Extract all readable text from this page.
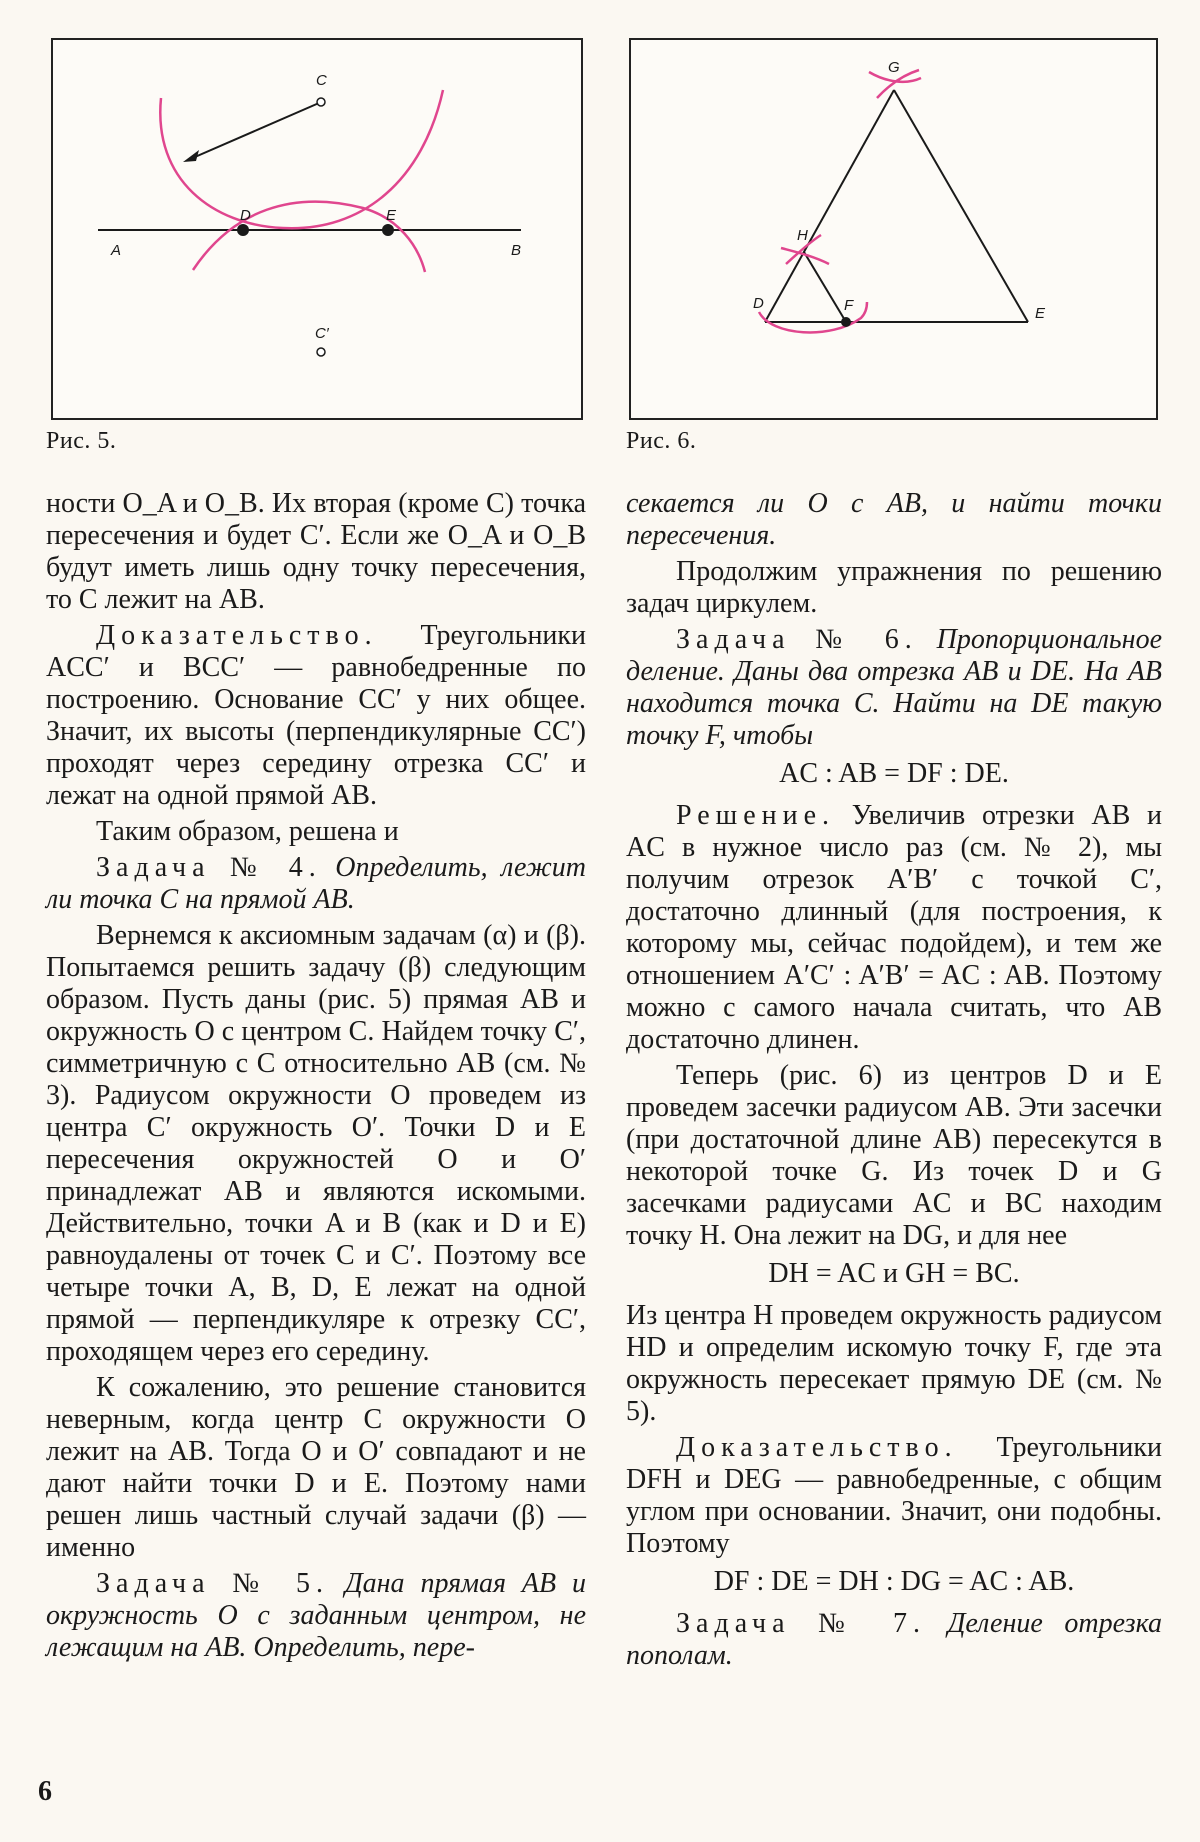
C
C′
D	E
A	B
Рис. 5.
G
H
D	F	E
Рис. 6.

ности O_A и O_B. Их вторая (кроме C) точка пересечения и будет C′. Если же O_A и O_B будут иметь лишь одну точку пересечения, то C лежит на AB.

Доказательство. Треугольники ACC′ и BCC′ — равнобедренные по построению. Основание CC′ у них общее. Значит, их высоты (перпендикулярные CC′) проходят через середину отрезка CC′ и лежат на одной прямой AB.

Таким образом, решена и

Задача № 4. Определить, лежит ли точка C на прямой AB.

Вернемся к аксиомным задачам (α) и (β). Попытаемся решить задачу (β) следующим образом. Пусть даны (рис. 5) прямая AB и окружность O с центром C. Найдем точку C′, симметричную с C относительно AB (см. № 3). Радиусом окружности O проведем из центра C′ окружность O′. Точки D и E пересечения окружностей O и O′ принадлежат AB и являются искомыми. Действительно, точки A и B (как и D и E) равноудалены от точек C и C′. Поэтому все четыре точки A, B, D, E лежат на одной прямой — перпендикуляре к отрезку CC′, проходящем через его середину.

К сожалению, это решение становится неверным, когда центр C окружности O лежит на AB. Тогда O и O′ совпадают и не дают найти точки D и E. Поэтому нами решен лишь частный случай задачи (β) — именно

Задача № 5. Дана прямая AB и окружность O с заданным центром, не лежащим на AB. Определить, пере-

секается ли O с AB, и найти точки пересечения.

Продолжим упражнения по решению задач циркулем.

Задача № 6. Пропорциональное деление. Даны два отрезка AB и DE. На AB находится точка C. Найти на DE такую точку F, чтобы

AC : AB = DF : DE.

Решение. Увеличив отрезки AB и AC в нужное число раз (см. № 2), мы получим отрезок A′B′ с точкой C′, достаточно длинный (для построения, к которому мы, сейчас подойдем), и тем же отношением A′C′ : A′B′ = AC : AB. Поэтому можно с самого начала считать, что AB достаточно длинен.

Теперь (рис. 6) из центров D и E проведем засечки радиусом AB. Эти засечки (при достаточной длине AB) пересекутся в некоторой точке G. Из точек D и G засечками радиусами AC и BC находим точку H. Она лежит на DG, и для нее

DH = AC и GH = BC.

Из центра H проведем окружность радиусом HD и определим искомую точку F, где эта окружность пересекает прямую DE (см. № 5).

Доказательство. Треугольники DFH и DEG — равнобедренные, с общим углом при основании. Значит, они подобны. Поэтому

DF : DE = DH : DG = AC : AB.

Задача № 7. Деление отрезка пополам.

6
